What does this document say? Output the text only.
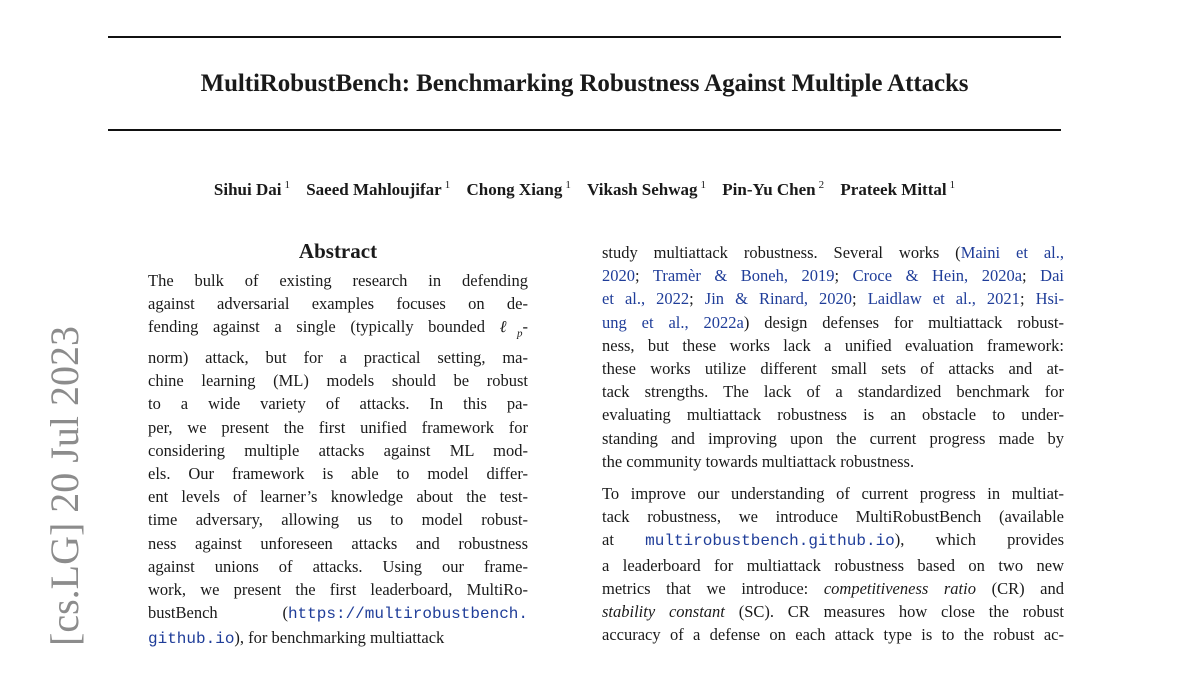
MultiRobustBench: Benchmarking Robustness Against Multiple Attacks
Sihui Dai $^1$ Saeed Mahloujifar $^1$ Chong Xiang $^1$ Vikash Sehwag $^1$ Pin-Yu Chen $^2$ Prateek Mittal $^1$
[cs.LG] 20 Jul 2023
Abstract
The bulk of existing research in defending
against adversarial examples focuses on de-
fending against a single (typically bounded ℓ$_p$-
norm) attack, but for a practical setting, ma-
chine learning (ML) models should be robust
to a wide variety of attacks. In this pa-
per, we present the first unified framework for
considering multiple attacks against ML mod-
els. Our framework is able to model differ-
ent levels of learner’s knowledge about the test-
time adversary, allowing us to model robust-
ness against unforeseen attacks and robustness
against unions of attacks. Using our frame-
work, we present the first leaderboard, MultiRo-
bustBench (https://multirobustbench.
github.io), for benchmarking multiattack

study multiattack robustness. Several works (Maini et al.,
2020; Tramèr & Boneh, 2019; Croce & Hein, 2020a; Dai
et al., 2022; Jin & Rinard, 2020; Laidlaw et al., 2021; Hsi-
ung et al., 2022a) design defenses for multiattack robust-
ness, but these works lack a unified evaluation framework:
these works utilize different small sets of attacks and at-
tack strengths. The lack of a standardized benchmark for
evaluating multiattack robustness is an obstacle to under-
standing and improving upon the current progress made by
the community towards multiattack robustness.

To improve our understanding of current progress in multiat-
tack robustness, we introduce MultiRobustBench (available
at multirobustbench.github.io), which provides
a leaderboard for multiattack robustness based on two new
metrics that we introduce: competitiveness ratio (CR) and
stability constant (SC). CR measures how close the robust
accuracy of a defense on each attack type is to the robust ac-
